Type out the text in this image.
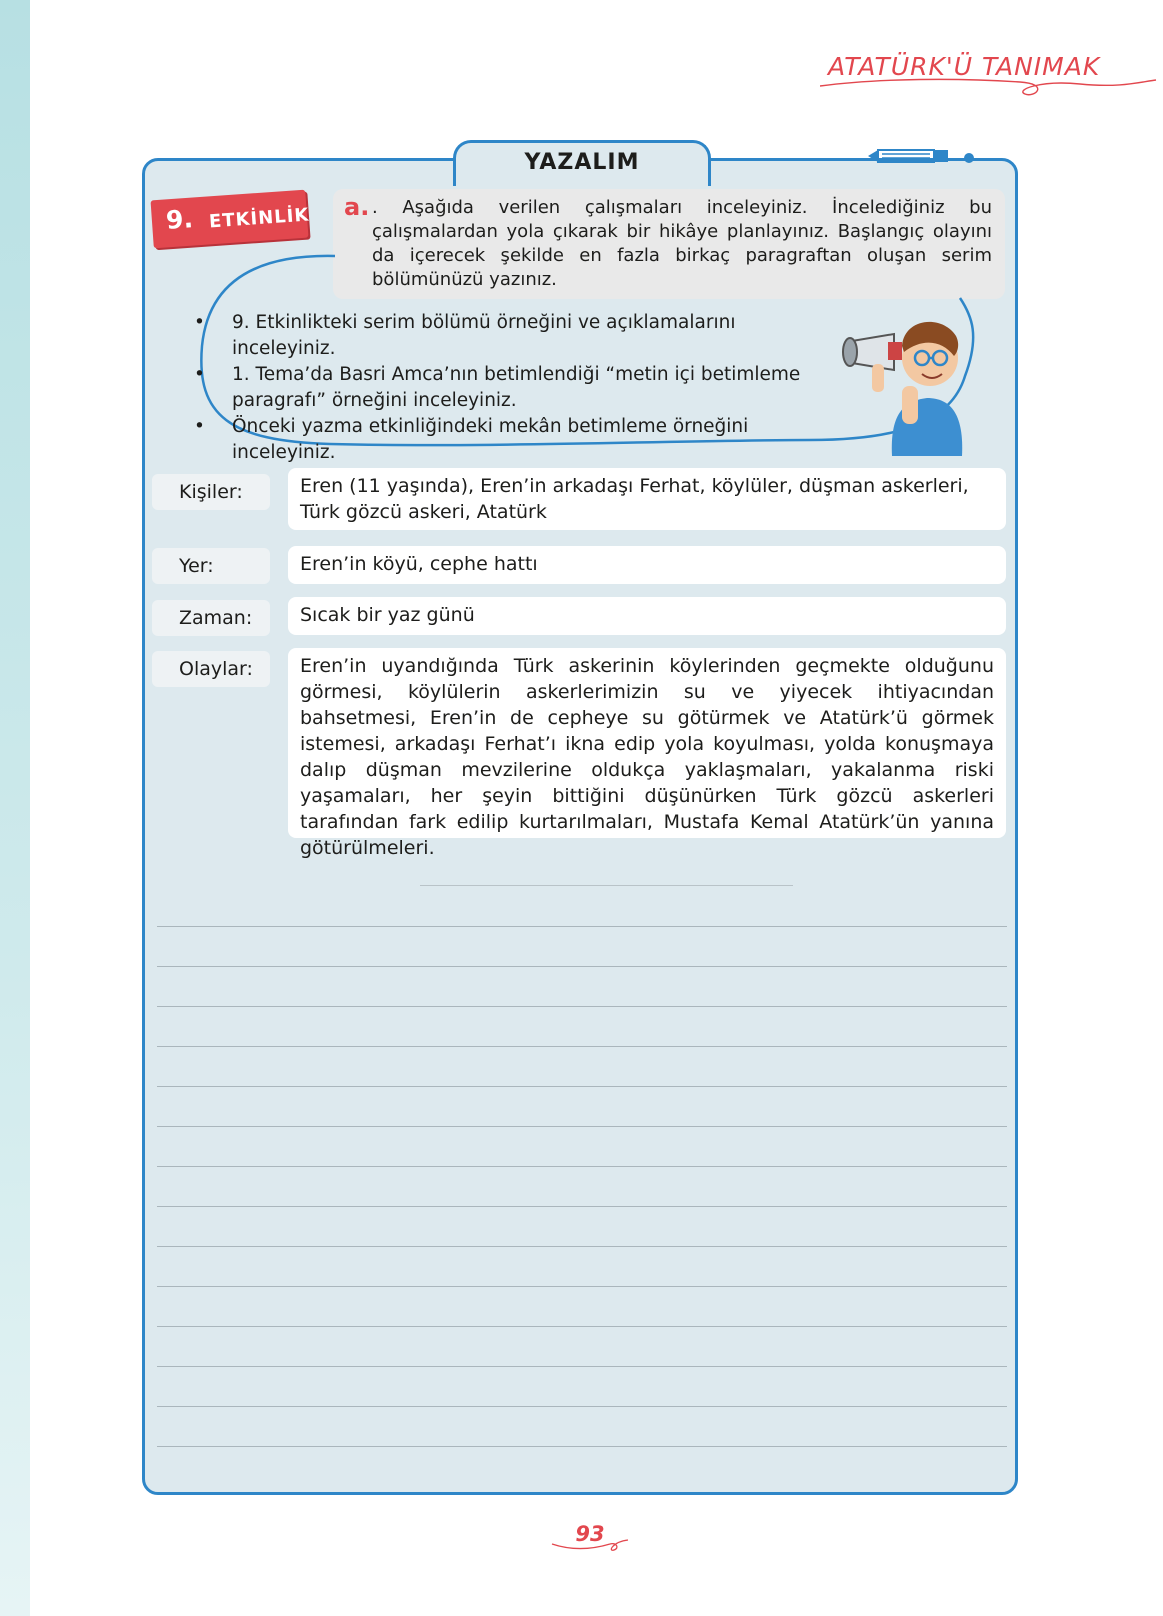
ATATÜRK'Ü TANIMAK
YAZALIM
9. ETKİNLİK a. . Aşağıda verilen çalışmaları inceleyiniz. İncelediğiniz bu çalışmalardan yola çıkarak bir hikâye planlayınız. Başlangıç olayını da içerecek şekilde en fazla birkaç paragraftan oluşan serim bölümünüzü yazınız.
• 9. Etkinlikteki serim bölümü örneğini ve açıklamalarını inceleyiniz.
• 1. Tema’da Basri Amca’nın betimlendiği “metin içi betimleme paragrafı” örneğini inceleyiniz.
• Önceki yazma etkinliğindeki mekân betimleme örneğini inceleyiniz.
Kişiler:	Eren (11 yaşında), Eren’in arkadaşı Ferhat, köylüler, düşman askerleri, Türk gözcü askeri, Atatürk
Yer:	Eren’in köyü, cephe hattı
Zaman:	Sıcak bir yaz günü
Olaylar:	Eren’in uyandığında Türk askerinin köylerinden geçmekte olduğunu görmesi, köylülerin askerlerimizin su ve yiyecek ihtiyacından bahsetmesi, Eren’in de cepheye su götürmek ve Atatürk’ü görmek istemesi, arkadaşı Ferhat’ı ikna edip yola koyulması, yolda konuşmaya dalıp düşman mevzilerine oldukça yaklaşmaları, yakalanma riski yaşamaları, her şeyin bittiğini düşünürken Türk gözcü askerleri tarafından fark edilip kurtarılmaları, Mustafa Kemal Atatürk’ün yanına götürülmeleri.
93
